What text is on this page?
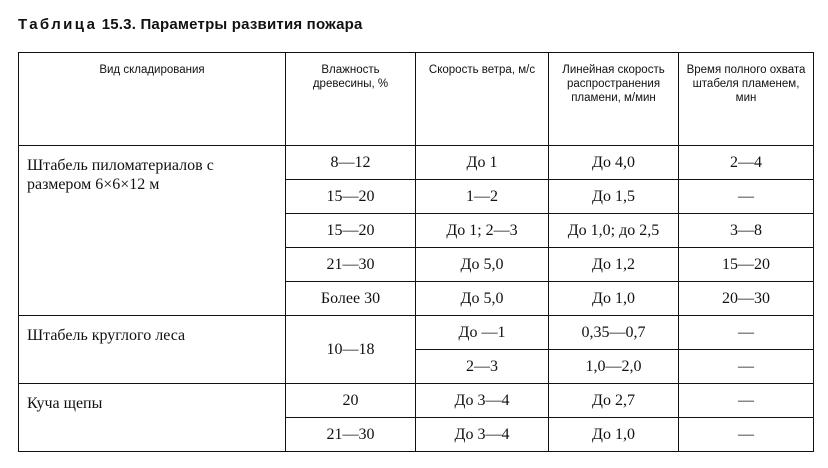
Таблица 15.3. Параметры развития пожара
Вид складирования	Влажность древесины, %	Скорость ветра, м/с	Линейная скорость распространения пламени, м/мин	Время полного охвата штабеля пламенем, мин

Штабель пиломатериалов с размером 6×6×12 м	8—12	До 1	До 4,0	2—4
	15—20	1—2	До 1,5	—
	15—20	До 1; 2—3	До 1,0; до 2,5	3—8
	21—30	До 5,0	До 1,2	15—20
	Более 30	До 5,0	До 1,0	20—30
Штабель круглого леса	10—18	До —1	0,35—0,7	—
		2—3	1,0—2,0	—
Куча щепы	20	До 3—4	До 2,7	—
	21—30	До 3—4	До 1,0	—
